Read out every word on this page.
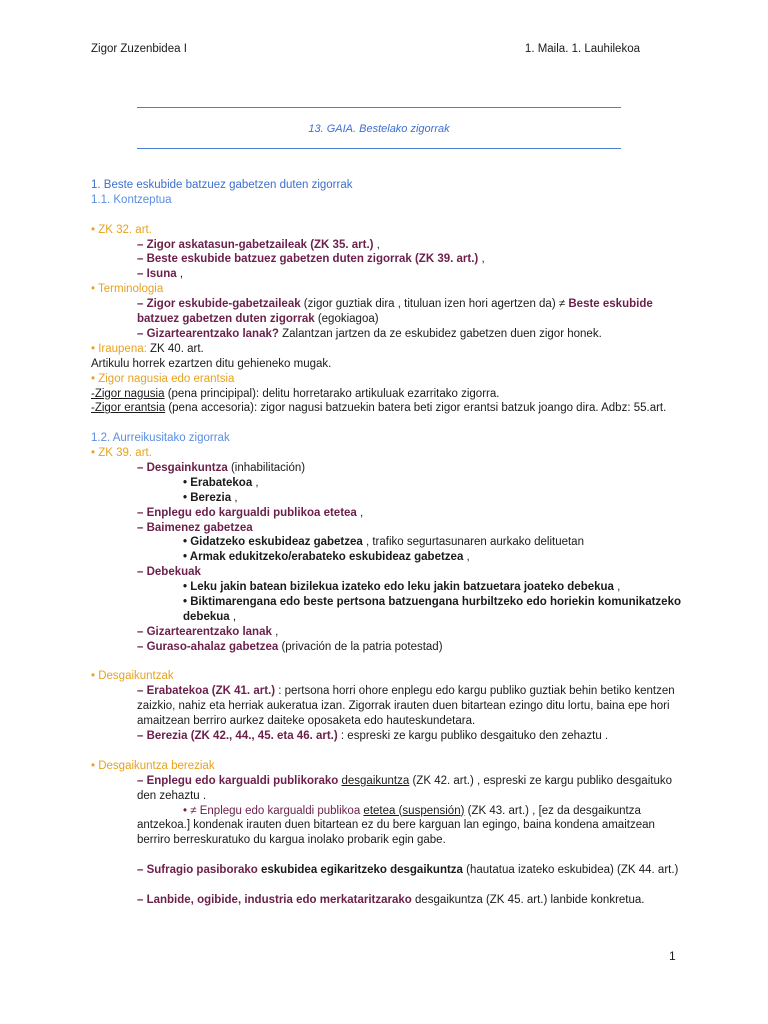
Zigor Zuzenbidea I	1. Maila. 1. Lauhilekoa
13. GAIA. Bestelako zigorrak
1. Beste eskubide batzuez gabetzen duten zigorrak
1.1. Kontzeptua
• ZK 32. art.
– Zigor askatasun-gabetzaileak (ZK 35. art.) ,
– Beste eskubide batzuez gabetzen duten zigorrak (ZK 39. art.) ,
– Isuna ,
• Terminologia
– Zigor eskubide-gabetzaileak (zigor guztiak dira , tituluan izen hori agertzen da) ≠ Beste eskubide batzuez gabetzen duten zigorrak (egokiagoa)
– Gizartearentzako lanak? Zalantzan jartzen da ze eskubidez gabetzen duen zigor honek.
• Iraupena: ZK 40. art.
Artikulu horrek ezartzen ditu gehieneko mugak.
• Zigor nagusia edo erantsia
-Zigor nagusia (pena principipal): delitu horretarako artikuluak ezarritako zigorra.
-Zigor erantsia (pena accesoria): zigor nagusi batzuekin batera beti zigor erantsi batzuk joango dira. Adbz: 55.art.
1.2. Aurreikusitako zigorrak
• ZK 39. art.
– Desgainkuntza (inhabilitación)
• Erabatekoa ,
• Berezia ,
– Enplegu edo kargualdi publikoa etetea ,
– Baimenez gabetzea
• Gidatzeko eskubideaz gabetzea , trafiko segurtasunaren aurkako delituetan
• Armak edukitzeko/erabateko eskubideaz gabetzea ,
– Debekuak
• Leku jakin batean bizilekua izateko edo leku jakin batzuetara joateko debekua ,
• Biktimarengana edo beste pertsona batzuengana hurbiltzeko edo horiekin komunikatzeko debekua ,
– Gizartearentzako lanak ,
– Guraso-ahalaz gabetzea (privación de la patria potestad)
• Desgaikuntzak
– Erabatekoa (ZK 41. art.) : pertsona horri ohore enplegu edo kargu publiko guztiak behin betiko kentzen zaizkio, nahiz eta herriak aukeratua izan. Zigorrak irauten duen bitartean ezingo ditu lortu, baina epe hori amaitzean berriro aurkez daiteke oposaketa edo hauteskundetara.
– Berezia (ZK 42., 44., 45. eta 46. art.) : espreski ze kargu publiko desgaituko den zehaztu .
• Desgaikuntza bereziak
– Enplegu edo kargualdi publikorako desgaikuntza (ZK 42. art.) , espreski ze kargu publiko desgaituko den zehaztu .
• ≠ Enplegu edo kargualdi publikoa etetea (suspensión) (ZK 43. art.) , [ez da desgaikuntza antzekoa.] kondenak irauten duen bitartean ez du bere karguan lan egingo, baina kondena amaitzean berriro berreskuratuko du kargua inolako probarik egin gabe.
– Sufragio pasiborako eskubidea egikaritzeko desgaikuntza (hautatua izateko eskubidea) (ZK 44. art.)
– Lanbide, ogibide, industria edo merkataritzarako desgaikuntza (ZK 45. art.) lanbide konkretua.
1
